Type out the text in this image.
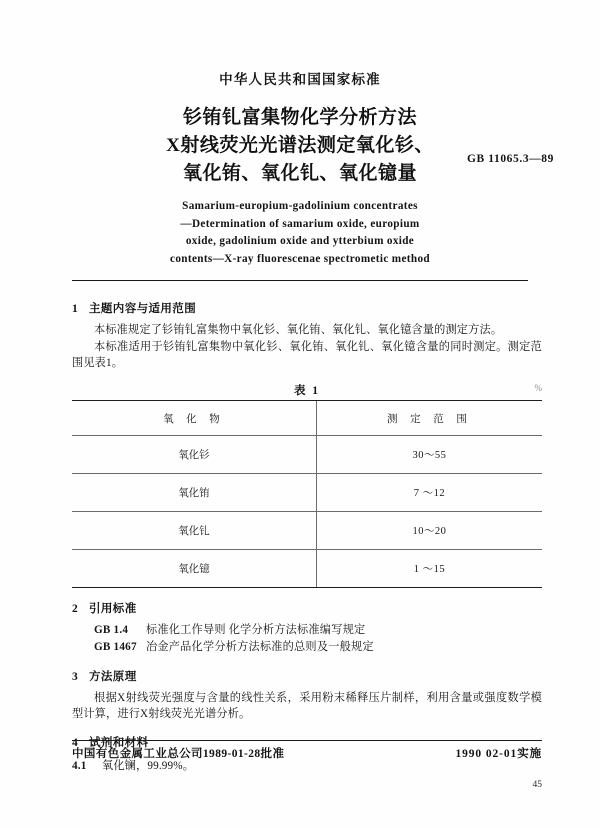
中华人民共和国国家标准
钐铕钆富集物化学分析方法
X射线荧光光谱法测定氧化钐、
氧化铕、氧化钆、氧化镱量
GB 11065.3—89
Samarium-europium-gadolinium concentrates
—Determination of samarium oxide, europium
oxide, gadolinium oxide and ytterbium oxide
contents—X-ray fluorescenae spectrometic method
1 主题内容与适用范围

本标准规定了钐铕钆富集物中氧化钐、氧化铕、氧化钆、氧化镱含量的测定方法。

本标准适用于钐铕钆富集物中氧化钐、氧化铕、氧化钆、氧化镱含量的同时测定。测定范围见表1。

表 1	%
氧 化 物	测 定 范 围
氧化钐	30～55
氧化铕	7 ～12
氧化钆	10～20
氧化镱	1 ～15
2 引用标准
GB 1.4 标准化工作导则 化学分析方法标准编写规定
GB 1467 冶金产品化学分析方法标准的总则及一般规定
3 方法原理

根据X射线荧光强度与含量的线性关系，采用粉末稀释压片制样，利用含量或强度数学模型计算，进行X射线荧光光谱分析。

4 试剂和材料
4.1 氧化镧，99.99%。
中国有色金属工业总公司1989-01-28批准	1990 02-01实施
45
